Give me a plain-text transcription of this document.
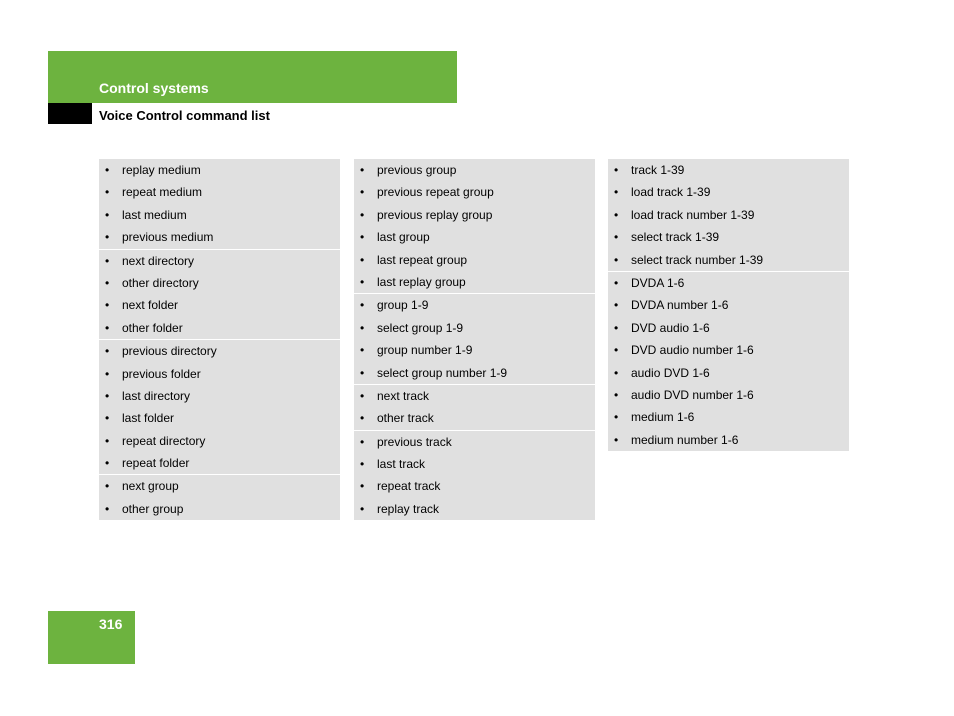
Control systems
Voice Control command list
• replay medium
• repeat medium
• last medium
• previous medium
• next directory
• other directory
• next folder
• other folder
• previous directory
• previous folder
• last directory
• last folder
• repeat directory
• repeat folder
• next group
• other group
• previous group
• previous repeat group
• previous replay group
• last group
• last repeat group
• last replay group
• group 1-9
• select group 1-9
• group number 1-9
• select group number 1-9
• next track
• other track
• previous track
• last track
• repeat track
• replay track
• track 1-39
• load track 1-39
• load track number 1-39
• select track 1-39
• select track number 1-39
• DVDA 1-6
• DVDA number 1-6
• DVD audio 1-6
• DVD audio number 1-6
• audio DVD 1-6
• audio DVD number 1-6
• medium 1-6
• medium number 1-6
316
